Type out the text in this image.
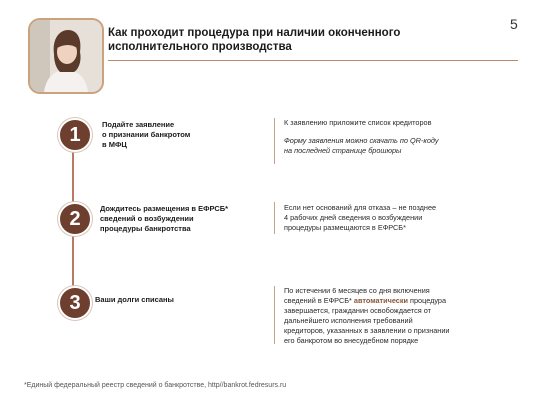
Как проходит процедура при наличии оконченного
исполнительного производства
5
1	Подайте заявление
о признании банкротом
в МФЦ
К заявлению приложите список кредиторов
Форму заявления можно скачать по QR-коду
на последней странице брошюры
2	Дождитесь размещения в ЕФРСБ*
сведений о возбуждении
процедуры банкротства
Если нет оснований для отказа – не позднее
4 рабочих дней сведения о возбуждении
процедуры размещаются в ЕФРСБ*
3	Ваши долги списаны
По истечении 6 месяцев со дня включения
сведений в ЕФРСБ* автоматически процедура
завершается, гражданин освобождается от
дальнейшего исполнения требований
кредиторов, указанных в заявлении о признании
его банкротом во внесудебном порядке
*Единый федеральный реестр сведений о банкротстве, http//bankrot.fedresurs.ru
